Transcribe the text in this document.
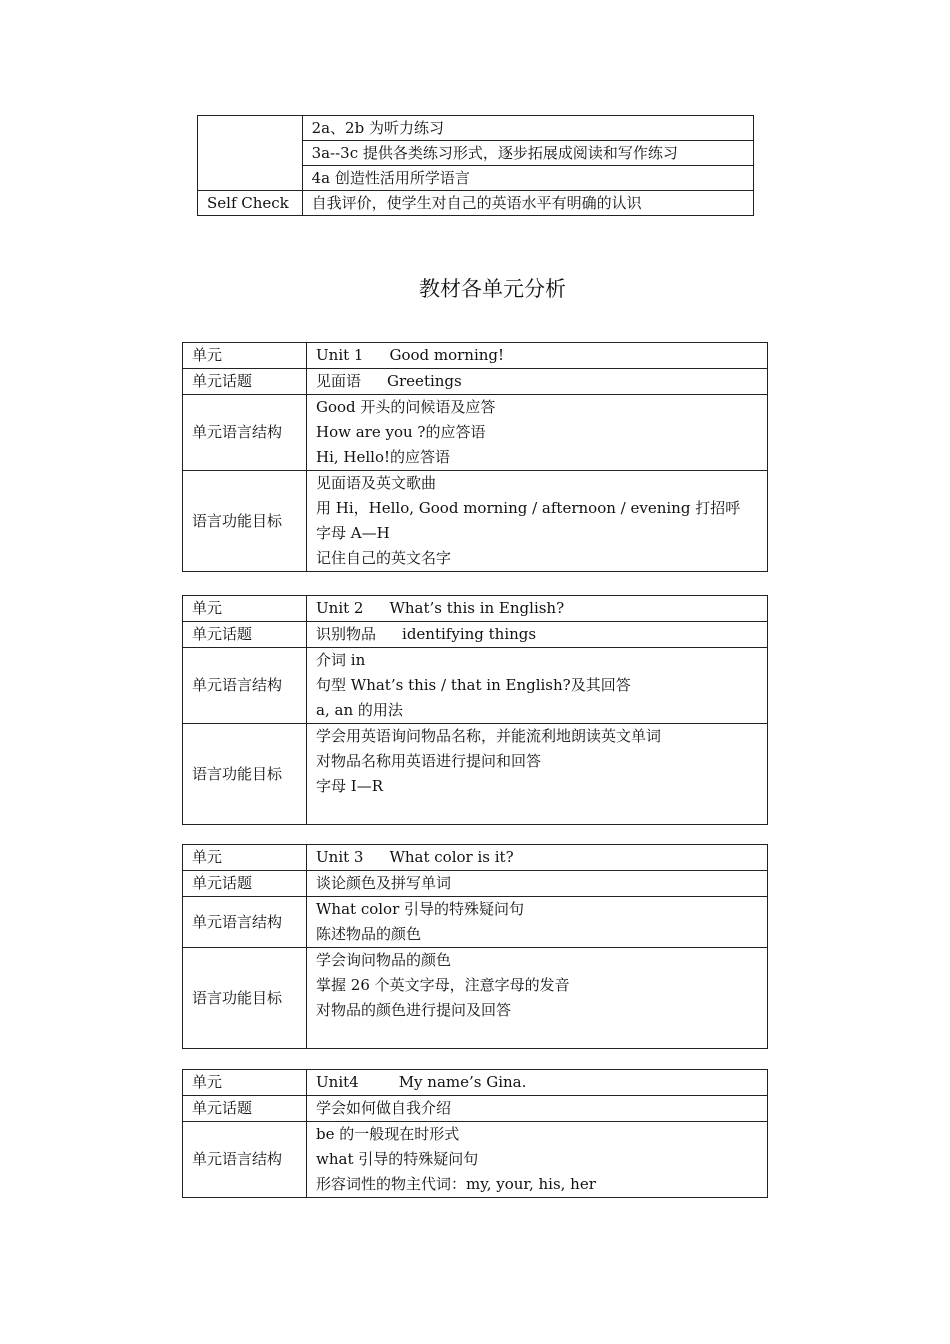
	2a、2b 为听力练习
	3a--3c 提供各类练习形式，逐步拓展成阅读和写作练习
	4a 创造性活用所学语言
Self Check	自我评价，使学生对自己的英语水平有明确的认识
教材各单元分析
单元	Unit 1 Good morning!
单元话题	见面语 Greetings
单元语言结构	Good 开头的问候语及应答
How are you ?的应答语
Hi, Hello!的应答语

语言功能目标	见面语及英文歌曲
用 Hi，Hello, Good morning / afternoon / evening 打招呼
字母 A—H
记住自己的英文名字
单元	Unit 2 What’s this in English?
单元话题	识别物品 identifying things
单元语言结构	介词 in
句型 What’s this / that in English?及其回答
a, an 的用法

语言功能目标	学会用英语询问物品名称，并能流利地朗读英文单词
对物品名称用英语进行提问和回答
字母 I—R
单元	Unit 3 What color is it?
单元话题	谈论颜色及拼写单词
单元语言结构	What color 引导的特殊疑问句
陈述物品的颜色

语言功能目标	学会询问物品的颜色
掌握 26 个英文字母，注意字母的发音
对物品的颜色进行提问及回答
单元	Unit4 My name’s Gina.
单元话题	学会如何做自我介绍
单元语言结构	be 的一般现在时形式
what 引导的特殊疑问句
形容词性的物主代词：my, your, his, her
